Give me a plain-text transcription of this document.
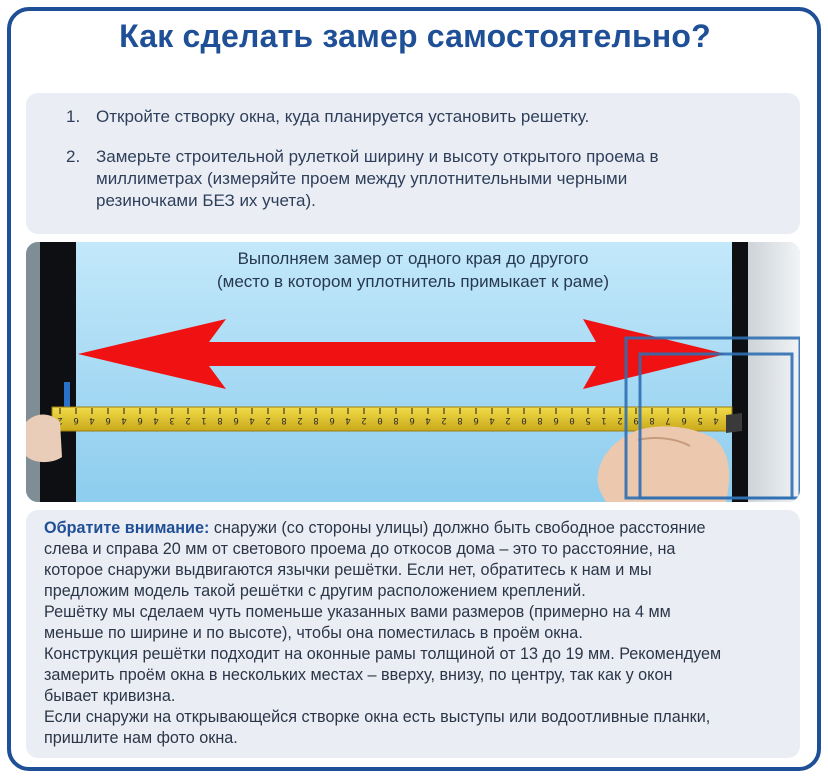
Как сделать замер самостоятельно?
1. Откройте створку окна, куда планируется установить решетку.
2. Замерьте строительной рулеткой ширину и высоту открытого проема в
миллиметрах (измеряйте проем между уплотнительными черными
резиночками БЕЗ их учета).
2 6 4 6 4 6 4 3 2 1 8 6 4 2 8 2 8 6 4 2 0 8 6 4 2 8 6 4 2 0 8 6 0 5 1 2 9 8 7 6 5 4
Выполняем замер от одного края до другого
(место в котором уплотнитель примыкает к раме)
Обратите внимание: снаружи (со стороны улицы) должно быть свободное расстояние
слева и справа 20 мм от светового проема до откосов дома – это то расстояние, на
которое снаружи выдвигаются язычки решётки. Если нет, обратитесь к нам и мы
предложим модель такой решётки с другим расположением креплений.
Решётку мы сделаем чуть поменьше указанных вами размеров (примерно на 4 мм
меньше по ширине и по высоте), чтобы она поместилась в проём окна.
Конструкция решётки подходит на оконные рамы толщиной от 13 до 19 мм. Рекомендуем
замерить проём окна в нескольких местах – вверху, внизу, по центру, так как у окон
бывает кривизна.
Если снаружи на открывающейся створке окна есть выступы или водоотливные планки,
пришлите нам фото окна.
